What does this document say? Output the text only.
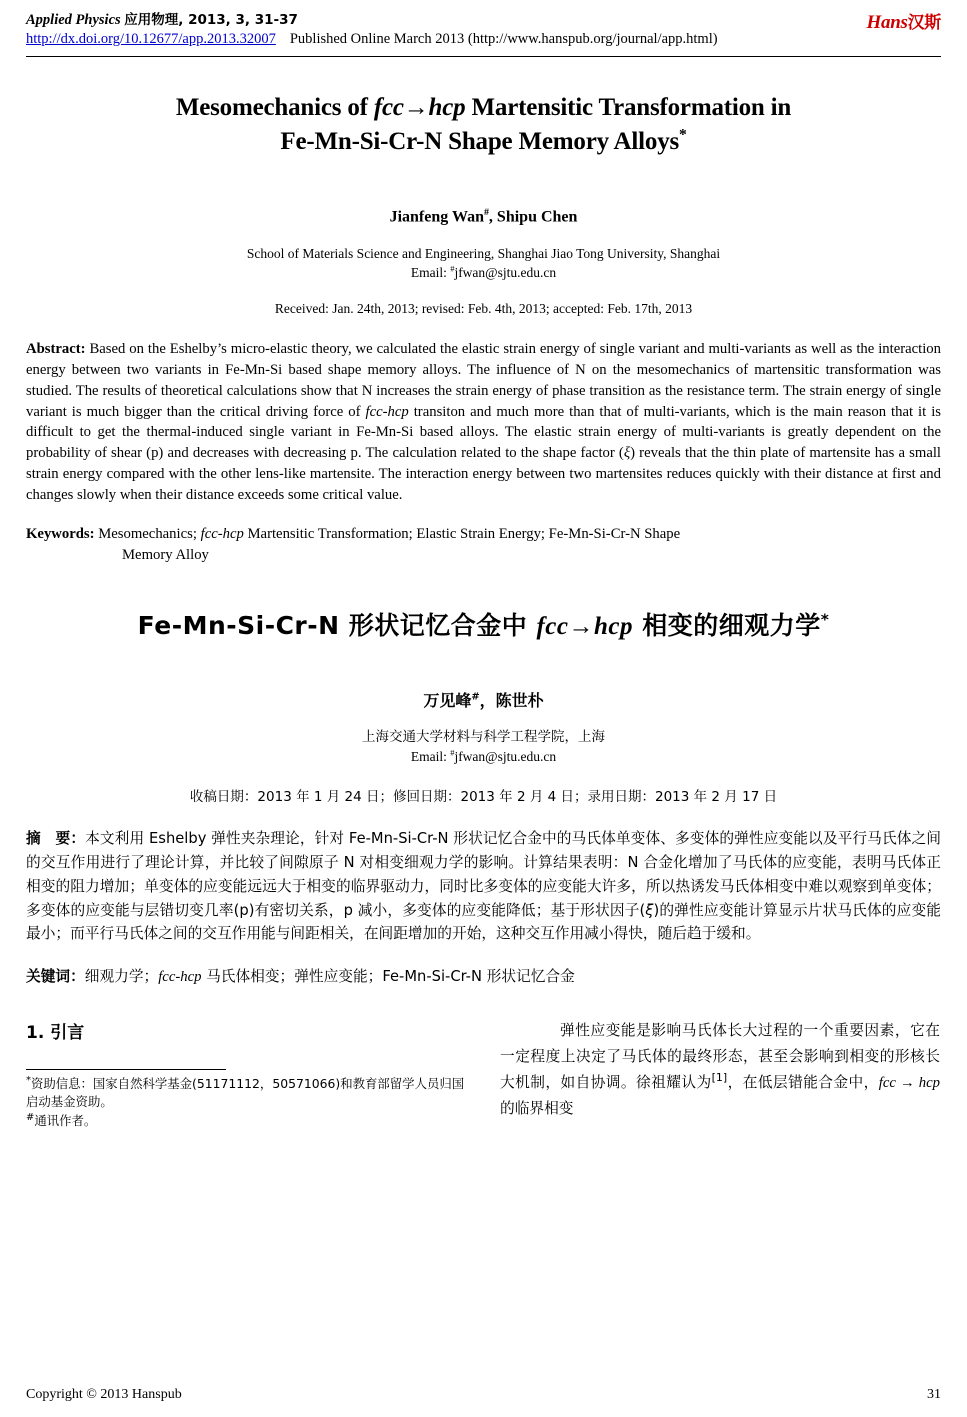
Applied Physics 应用物理, 2013, 3, 31-37
http://dx.doi.org/10.12677/app.2013.32007 Published Online March 2013 (http://www.hanspub.org/journal/app.html)
Hans汉斯
Mesomechanics of fcc→hcp Martensitic Transformation in
Fe-Mn-Si-Cr-N Shape Memory Alloys*
Jianfeng Wan#, Shipu Chen
School of Materials Science and Engineering, Shanghai Jiao Tong University, Shanghai
Email: #jfwan@sjtu.edu.cn
Received: Jan. 24th, 2013; revised: Feb. 4th, 2013; accepted: Feb. 17th, 2013
Abstract: Based on the Eshelby’s micro-elastic theory, we calculated the elastic strain energy of single variant and multi-variants as well as the interaction energy between two variants in Fe-Mn-Si based shape memory alloys. The influence of N on the mesomechanics of martensitic transformation was studied. The results of theoretical calculations show that N increases the strain energy of phase transition as the resistance term. The strain energy of single variant is much bigger than the critical driving force of fcc-hcp transiton and much more than that of multi-variants, which is the main reason that it is difficult to get the thermal-induced single variant in Fe-Mn-Si based alloys. The elastic strain energy of multi-variants is greatly dependent on the probability of shear (p) and decreases with decreasing p. The calculation related to the shape factor (ξ) reveals that the thin plate of martensite has a small strain energy compared with the other lens-like martensite. The interaction energy between two martensites reduces quickly with their distance at first and changes slowly when their distance exceeds some critical value.
Keywords: Mesomechanics; fcc-hcp Martensitic Transformation; Elastic Strain Energy; Fe-Mn-Si-Cr-N Shape
Memory Alloy
Fe-Mn-Si-Cr-N 形状记忆合金中 fcc→hcp 相变的细观力学*
万见峰#，陈世朴
上海交通大学材料与科学工程学院，上海
Email: #jfwan@sjtu.edu.cn
收稿日期：2013 年 1 月 24 日；修回日期：2013 年 2 月 4 日；录用日期：2013 年 2 月 17 日
摘　要：本文利用 Eshelby 弹性夹杂理论，针对 Fe-Mn-Si-Cr-N 形状记忆合金中的马氏体单变体、多变体的弹性应变能以及平行马氏体之间的交互作用进行了理论计算，并比较了间隙原子 N 对相变细观力学的影响。计算结果表明：N 合金化增加了马氏体的应变能，表明马氏体正相变的阻力增加；单变体的应变能远远大于相变的临界驱动力，同时比多变体的应变能大许多，所以热诱发马氏体相变中难以观察到单变体；多变体的应变能与层错切变几率(p)有密切关系，p 减小，多变体的应变能降低；基于形状因子(ξ)的弹性应变能计算显示片状马氏体的应变能最小；而平行马氏体之间的交互作用能与间距相关，在间距增加的开始，这种交互作用减小得快，随后趋于缓和。
关键词：细观力学；fcc-hcp 马氏体相变；弹性应变能；Fe-Mn-Si-Cr-N 形状记忆合金
1. 引言
*资助信息：国家自然科学基金(51171112，50571066)和教育部留学人员归国启动基金资助。
#通讯作者。
弹性应变能是影响马氏体长大过程的一个重要因素，它在一定程度上决定了马氏体的最终形态，甚至会影响到相变的形核长大机制，如自协调。徐祖耀认为[1]，在低层错能合金中，fcc → hcp 的临界相变
Copyright © 2013 Hanspub	31
